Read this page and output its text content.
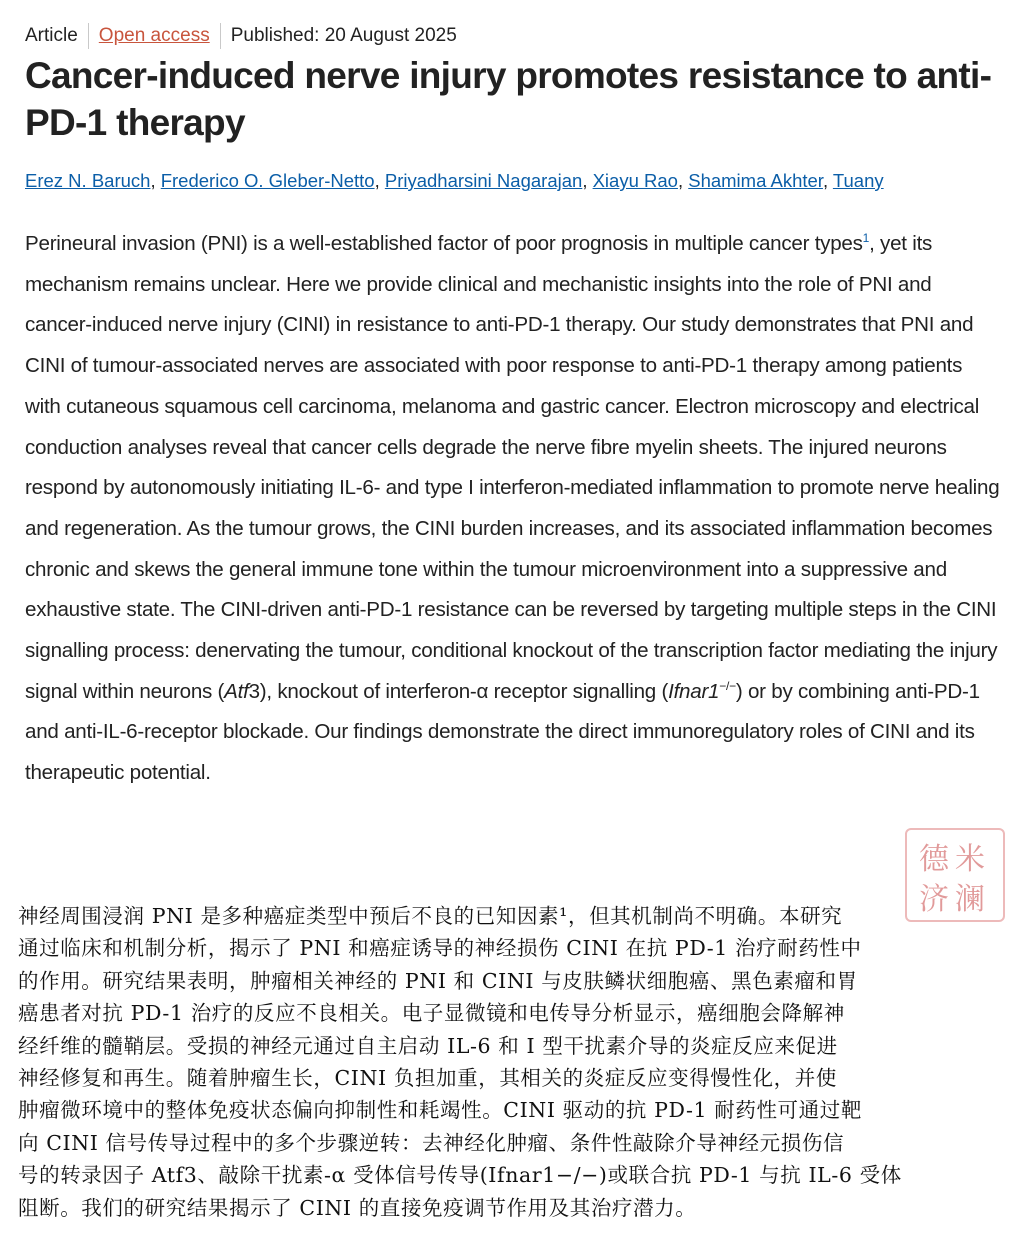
Article Open access Published: 20 August 2025
Cancer-induced nerve injury promotes resistance to anti-PD-1 therapy
Erez N. Baruch, Frederico O. Gleber-Netto, Priyadharsini Nagarajan, Xiayu Rao, Shamima Akhter, Tuany

Perineural invasion (PNI) is a well-established factor of poor prognosis in multiple cancer types$^1$, yet its mechanism remains unclear. Here we provide clinical and mechanistic insights into the role of PNI and cancer-induced nerve injury (CINI) in resistance to anti-PD-1 therapy. Our study demonstrates that PNI and CINI of tumour-associated nerves are associated with poor response to anti-PD-1 therapy among patients with cutaneous squamous cell carcinoma, melanoma and gastric cancer. Electron microscopy and electrical conduction analyses reveal that cancer cells degrade the nerve fibre myelin sheets. The injured neurons respond by autonomously initiating IL-6- and type I interferon-mediated inflammation to promote nerve healing and regeneration. As the tumour grows, the CINI burden increases, and its associated inflammation becomes chronic and skews the general immune tone within the tumour microenvironment into a suppressive and exhaustive state. The CINI-driven anti-PD-1 resistance can be reversed by targeting multiple steps in the CINI signalling process: denervating the tumour, conditional knockout of the transcription factor mediating the injury signal within neurons (Atf3), knockout of interferon-α receptor signalling (Ifnar1−/−) or by combining anti-PD-1 and anti-IL-6-receptor blockade. Our findings demonstrate the direct immunoregulatory roles of CINI and its therapeutic potential.

神经周围浸润 PNI 是多种癌症类型中预后不良的已知因素¹，但其机制尚不明确。本研究
通过临床和机制分析，揭示了 PNI 和癌症诱导的神经损伤 CINI 在抗 PD-1 治疗耐药性中
的作用。研究结果表明，肿瘤相关神经的 PNI 和 CINI 与皮肤鳞状细胞癌、黑色素瘤和胃
癌患者对抗 PD-1 治疗的反应不良相关。电子显微镜和电传导分析显示，癌细胞会降解神
经纤维的髓鞘层。受损的神经元通过自主启动 IL-6 和 I 型干扰素介导的炎症反应来促进
神经修复和再生。随着肿瘤生长，CINI 负担加重，其相关的炎症反应变得慢性化，并使
肿瘤微环境中的整体免疫状态偏向抑制性和耗竭性。CINI 驱动的抗 PD-1 耐药性可通过靶
向 CINI 信号传导过程中的多个步骤逆转：去神经化肿瘤、条件性敲除介导神经元损伤信
号的转录因子 Atf3、敲除干扰素-α 受体信号传导(Ifnar1−/−)或联合抗 PD-1 与抗 IL-6 受体
阻断。我们的研究结果揭示了 CINI 的直接免疫调节作用及其治疗潜力。

米
澜
德
济
